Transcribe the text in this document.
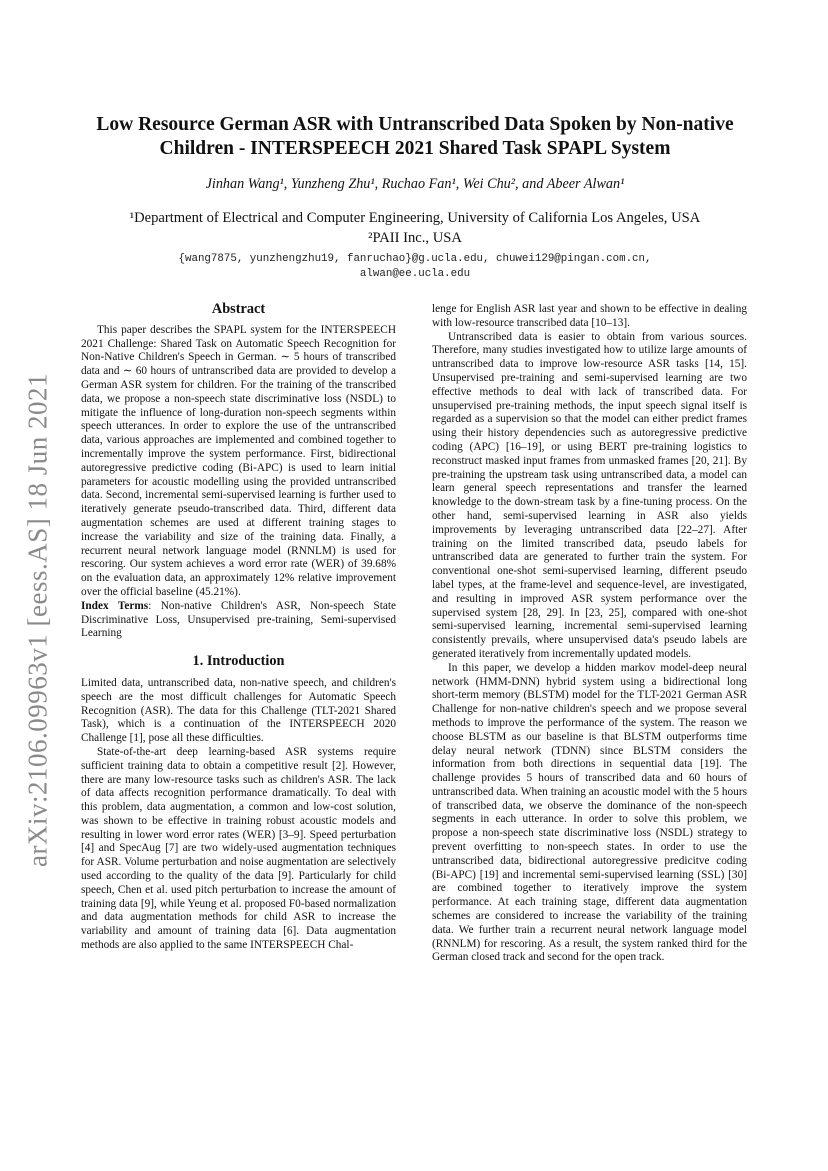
arXiv:2106.09963v1 [eess.AS] 18 Jun 2021
Low Resource German ASR with Untranscribed Data Spoken by Non-native
Children - INTERSPEECH 2021 Shared Task SPAPL System
Jinhan Wang¹, Yunzheng Zhu¹, Ruchao Fan¹, Wei Chu², and Abeer Alwan¹
¹Department of Electrical and Computer Engineering, University of California Los Angeles, USA
²PAII Inc., USA
{wang7875, yunzhengzhu19, fanruchao}@g.ucla.edu, chuwei129@pingan.com.cn,
alwan@ee.ucla.edu
Abstract

This paper describes the SPAPL system for the INTERSPEECH 2021 Challenge: Shared Task on Automatic Speech Recognition for Non-Native Children's Speech in German. ∼ 5 hours of transcribed data and ∼ 60 hours of untranscribed data are provided to develop a German ASR system for children. For the training of the transcribed data, we propose a non-speech state discriminative loss (NSDL) to mitigate the influence of long-duration non-speech segments within speech utterances. In order to explore the use of the untranscribed data, various approaches are implemented and combined together to incrementally improve the system performance. First, bidirectional autoregressive predictive coding (Bi-APC) is used to learn initial parameters for acoustic modelling using the provided untranscribed data. Second, incremental semi-supervised learning is further used to iteratively generate pseudo-transcribed data. Third, different data augmentation schemes are used at different training stages to increase the variability and size of the training data. Finally, a recurrent neural network language model (RNNLM) is used for rescoring. Our system achieves a word error rate (WER) of 39.68% on the evaluation data, an approximately 12% relative improvement over the official baseline (45.21%).

Index Terms: Non-native Children's ASR, Non-speech State Discriminative Loss, Unsupervised pre-training, Semi-supervised Learning

1. Introduction

Limited data, untranscribed data, non-native speech, and children's speech are the most difficult challenges for Automatic Speech Recognition (ASR). The data for this Challenge (TLT-2021 Shared Task), which is a continuation of the INTERSPEECH 2020 Challenge [1], pose all these difficulties.

State-of-the-art deep learning-based ASR systems require sufficient training data to obtain a competitive result [2]. However, there are many low-resource tasks such as children's ASR. The lack of data affects recognition performance dramatically. To deal with this problem, data augmentation, a common and low-cost solution, was shown to be effective in training robust acoustic models and resulting in lower word error rates (WER) [3–9]. Speed perturbation [4] and SpecAug [7] are two widely-used augmentation techniques for ASR. Volume perturbation and noise augmentation are selectively used according to the quality of the data [9]. Particularly for child speech, Chen et al. used pitch perturbation to increase the amount of training data [9], while Yeung et al. proposed F0-based normalization and data augmentation methods for child ASR to increase the variability and amount of training data [6]. Data augmentation methods are also applied to the same INTERSPEECH Chal-

lenge for English ASR last year and shown to be effective in dealing with low-resource transcribed data [10–13].

Untranscribed data is easier to obtain from various sources. Therefore, many studies investigated how to utilize large amounts of untranscribed data to improve low-resource ASR tasks [14, 15]. Unsupervised pre-training and semi-supervised learning are two effective methods to deal with lack of transcribed data. For unsupervised pre-training methods, the input speech signal itself is regarded as a supervision so that the model can either predict frames using their history dependencies such as autoregressive predictive coding (APC) [16–19], or using BERT pre-training logistics to reconstruct masked input frames from unmasked frames [20, 21]. By pre-training the upstream task using untranscribed data, a model can learn general speech representations and transfer the learned knowledge to the down-stream task by a fine-tuning process. On the other hand, semi-supervised learning in ASR also yields improvements by leveraging untranscribed data [22–27]. After training on the limited transcribed data, pseudo labels for untranscribed data are generated to further train the system. For conventional one-shot semi-supervised learning, different pseudo label types, at the frame-level and sequence-level, are investigated, and resulting in improved ASR system performance over the supervised system [28, 29]. In [23, 25], compared with one-shot semi-supervised learning, incremental semi-supervised learning consistently prevails, where unsupervised data's pseudo labels are generated iteratively from incrementally updated models.

In this paper, we develop a hidden markov model-deep neural network (HMM-DNN) hybrid system using a bidirectional long short-term memory (BLSTM) model for the TLT-2021 German ASR Challenge for non-native children's speech and we propose several methods to improve the performance of the system. The reason we choose BLSTM as our baseline is that BLSTM outperforms time delay neural network (TDNN) since BLSTM considers the information from both directions in sequential data [19]. The challenge provides 5 hours of transcribed data and 60 hours of untranscribed data. When training an acoustic model with the 5 hours of transcribed data, we observe the dominance of the non-speech segments in each utterance. In order to solve this problem, we propose a non-speech state discriminative loss (NSDL) strategy to prevent overfitting to non-speech states. In order to use the untranscribed data, bidirectional autoregressive predicitve coding (Bi-APC) [19] and incremental semi-supervised learning (SSL) [30] are combined together to iteratively improve the system performance. At each training stage, different data augmentation schemes are considered to increase the variability of the training data. We further train a recurrent neural network language model (RNNLM) for rescoring. As a result, the system ranked third for the German closed track and second for the open track.
